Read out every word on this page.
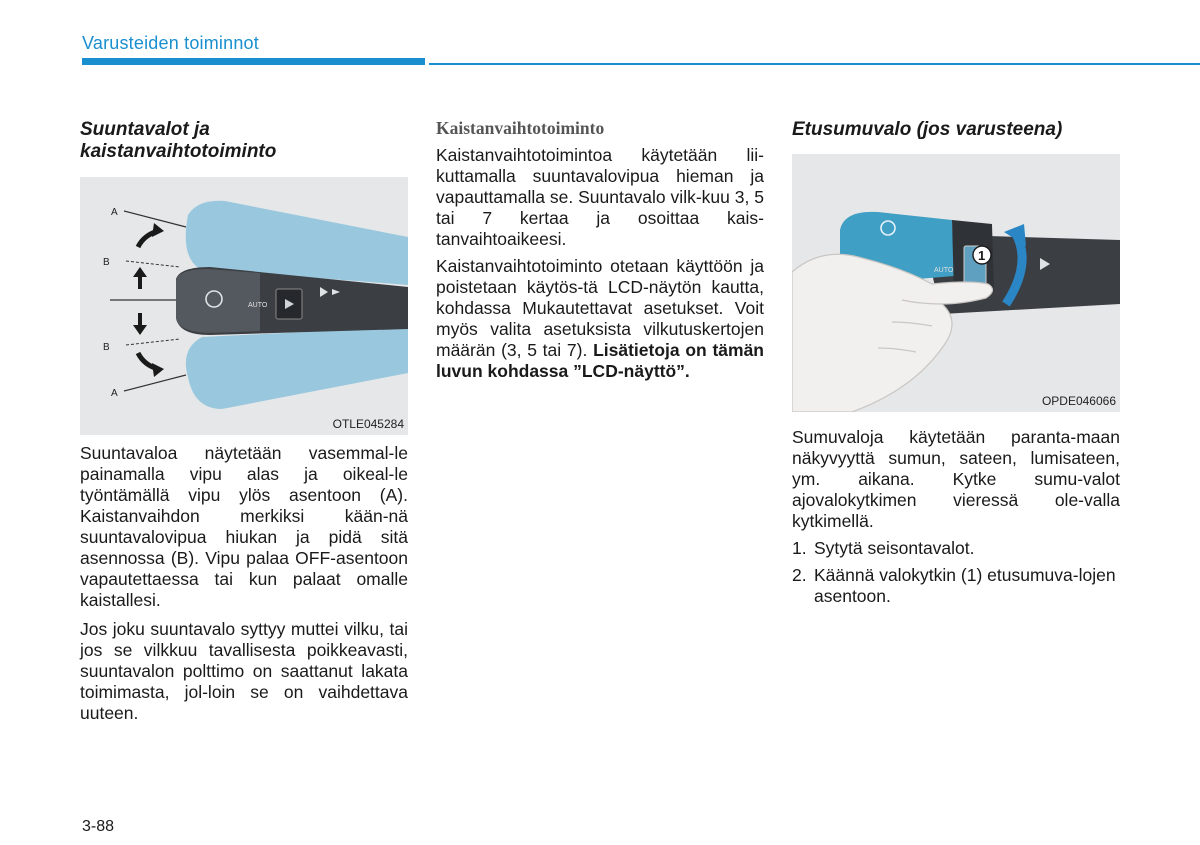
Varusteiden toiminnot
Suuntavalot ja
kaistanvaihtotoiminto
AUTO
A
B
B
A
OTLE045284

Suuntavaloa näytetään vasemmal-le painamalla vipu alas ja oikeal-le työntämällä vipu ylös asentoon (A). Kaistanvaihdon merkiksi kään-nä suuntavalovipua hiukan ja pidä sitä asennossa (B). Vipu palaa OFF-asentoon vapautettaessa tai kun palaat omalle kaistallesi.

Jos joku suuntavalo syttyy muttei vilku, tai jos se vilkkuu tavallisesta poikkeavasti, suuntavalon polttimo on saattanut lakata toimimasta, jol-loin se on vaihdettava uuteen.

Kaistanvaihtotoiminto

Kaistanvaihtotoimintoa käytetään lii-kuttamalla suuntavalovipua hieman ja vapauttamalla se. Suuntavalo vilk-kuu 3, 5 tai 7 kertaa ja osoittaa kais-tanvaihtoaikeesi.

Kaistanvaihtotoiminto otetaan käyttöön ja poistetaan käytös-tä LCD-näytön kautta, kohdassa Mukautettavat asetukset. Voit myös valita asetuksista vilkutuskertojen määrän (3, 5 tai 7). Lisätietoja on tämän luvun kohdassa ”LCD-näyttö”.

Etusumuvalo (jos varusteena)
AUTO
1
OPDE046066

Sumuvaloja käytetään paranta-maan näkyvyyttä sumun, sateen, lumisateen, ym. aikana. Kytke sumu-valot ajovalokytkimen vieressä ole-valla kytkimellä.

1. Sytytä seisontavalot.
2. Käännä valokytkin (1) etusumuva-lojen asentoon.
3-88
